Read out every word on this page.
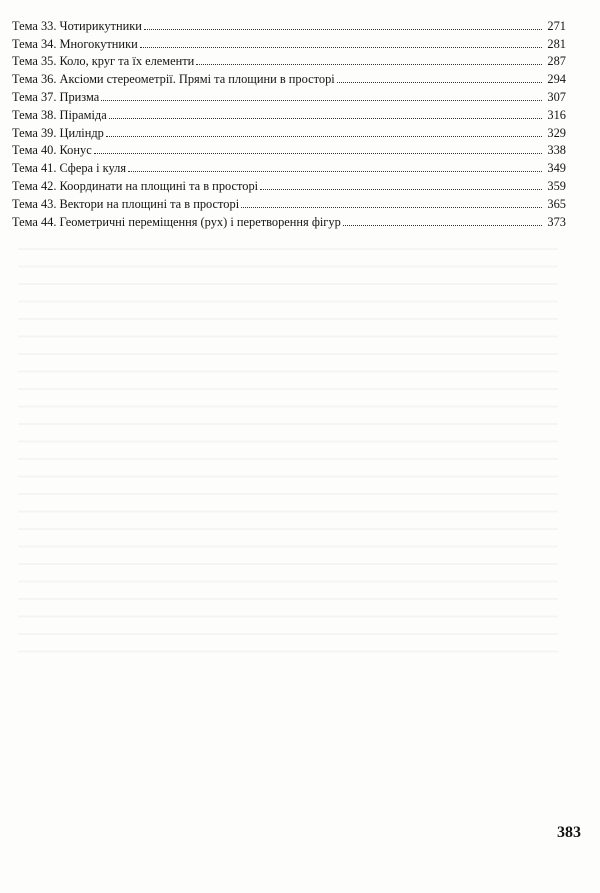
Тема 33. Чотирикутники	271
Тема 34. Многокутники	281
Тема 35. Коло, круг та їх елементи	287
Тема 36. Аксіоми стереометрії. Прямі та площини в просторі	294
Тема 37. Призма	307
Тема 38. Піраміда	316
Тема 39. Циліндр	329
Тема 40. Конус	338
Тема 41. Сфера і куля	349
Тема 42. Координати на площині та в просторі	359
Тема 43. Вектори на площині та в просторі	365
Тема 44. Геометричні переміщення (рух) і перетворення фігур	373
383
